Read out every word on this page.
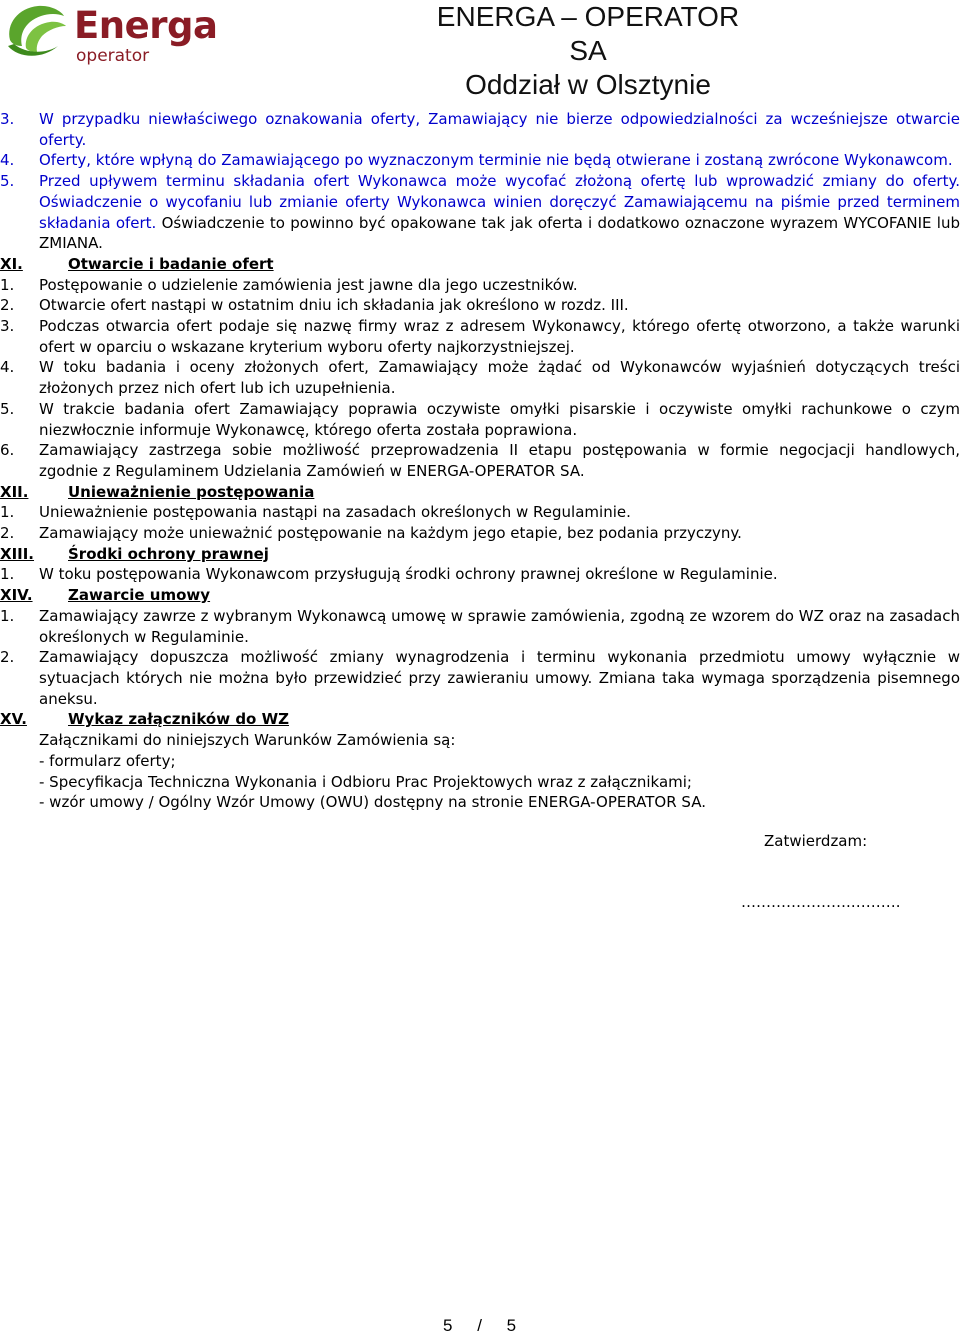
Energa
operator
ENERGA – OPERATOR SA
Oddział w Olsztynie
3. W przypadku niewłaściwego oznakowania oferty, Zamawiający nie bierze odpowiedzialności za wcześniejsze otwarcie oferty.
4. Oferty, które wpłyną do Zamawiającego po wyznaczonym terminie nie będą otwierane i zostaną zwrócone Wykonawcom.
5. Przed upływem terminu składania ofert Wykonawca może wycofać złożoną ofertę lub wprowadzić zmiany do oferty. Oświadczenie o wycofaniu lub zmianie oferty Wykonawca winien doręczyć Zamawiającemu na piśmie przed terminem składania ofert. Oświadczenie to powinno być opakowane tak jak oferta i dodatkowo oznaczone wyrazem WYCOFANIE lub ZMIANA.
XI.	Otwarcie i badanie ofert
1. Postępowanie o udzielenie zamówienia jest jawne dla jego uczestników.
2. Otwarcie ofert nastąpi w ostatnim dniu ich składania jak określono w rozdz. III.
3. Podczas otwarcia ofert podaje się nazwę firmy wraz z adresem Wykonawcy, którego ofertę otworzono, a także warunki ofert w oparciu o wskazane kryterium wyboru oferty najkorzystniejszej.
4. W toku badania i oceny złożonych ofert, Zamawiający może żądać od Wykonawców wyjaśnień dotyczących treści złożonych przez nich ofert lub ich uzupełnienia.
5. W trakcie badania ofert Zamawiający poprawia oczywiste omyłki pisarskie i oczywiste omyłki rachunkowe o czym niezwłocznie informuje Wykonawcę, którego oferta została poprawiona.
6. Zamawiający zastrzega sobie możliwość przeprowadzenia II etapu postępowania w formie negocjacji handlowych, zgodnie z Regulaminem Udzielania Zamówień w ENERGA-OPERATOR SA.
XII.	Unieważnienie postępowania
1. Unieważnienie postępowania nastąpi na zasadach określonych w Regulaminie.
2. Zamawiający może unieważnić postępowanie na każdym jego etapie, bez podania przyczyny.
XIII. Środki ochrony prawnej
1. W toku postępowania Wykonawcom przysługują środki ochrony prawnej określone w Regulaminie.
XIV. Zawarcie umowy
1. Zamawiający zawrze z wybranym Wykonawcą umowę w sprawie zamówienia, zgodną ze wzorem do WZ oraz na zasadach określonych w Regulaminie.
2. Zamawiający dopuszcza możliwość zmiany wynagrodzenia i terminu wykonania przedmiotu umowy wyłącznie w sytuacjach których nie można było przewidzieć przy zawieraniu umowy. Zmiana taka wymaga sporządzenia pisemnego aneksu.
XV.	Wykaz załączników do WZ
Załącznikami do niniejszych Warunków Zamówienia są:
- formularz oferty;
- Specyfikacja Techniczna Wykonania i Odbioru Prac Projektowych wraz z załącznikami;
- wzór umowy / Ogólny Wzór Umowy (OWU) dostępny na stronie ENERGA-OPERATOR SA.
Zatwierdzam:
………………….……….
5 / 5
